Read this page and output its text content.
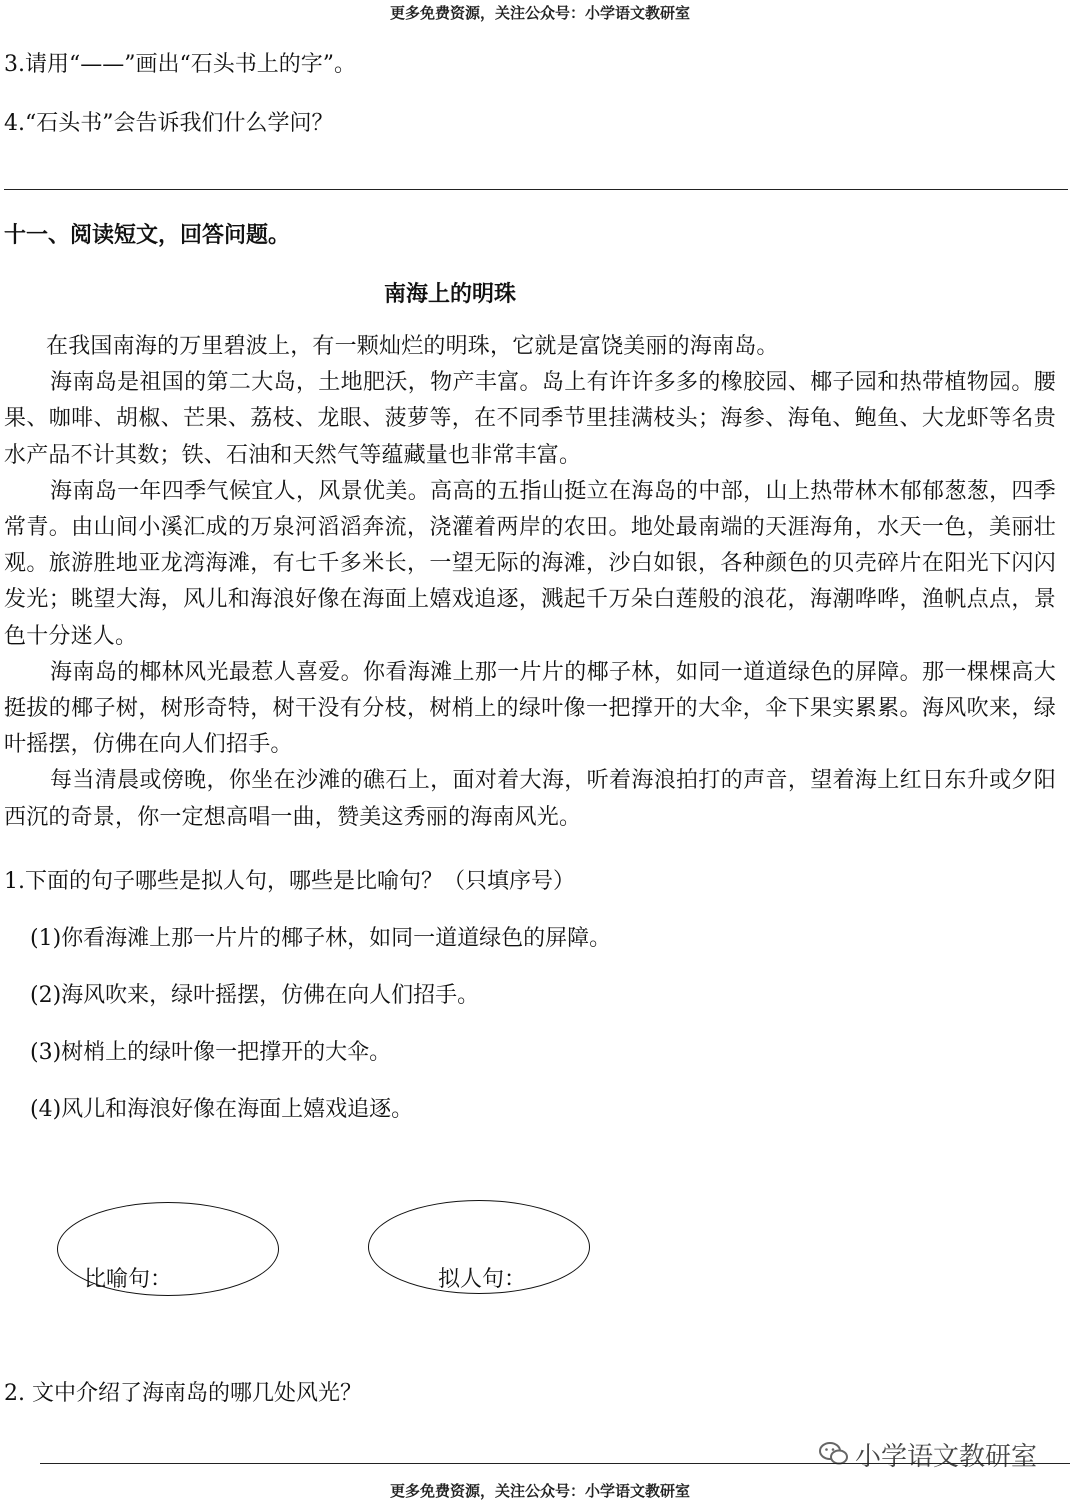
更多免费资源，关注公众号：小学语文教研室
3.请用“——”画出“石头书上的字”。
4.“石头书”会告诉我们什么学问？
十一、阅读短文，回答问题。
南海上的明珠

在我国南海的万里碧波上，有一颗灿烂的明珠，它就是富饶美丽的海南岛。

海南岛是祖国的第二大岛，土地肥沃，物产丰富。岛上有许许多多的橡胶园、椰子园和热带植物园。腰果、咖啡、胡椒、芒果、荔枝、龙眼、菠萝等，在不同季节里挂满枝头；海参、海龟、鲍鱼、大龙虾等名贵水产品不计其数；铁、石油和天然气等蕴藏量也非常丰富。

海南岛一年四季气候宜人，风景优美。高高的五指山挺立在海岛的中部，山上热带林木郁郁葱葱，四季常青。由山间小溪汇成的万泉河滔滔奔流，浇灌着两岸的农田。地处最南端的天涯海角，水天一色，美丽壮观。旅游胜地亚龙湾海滩，有七千多米长，一望无际的海滩，沙白如银，各种颜色的贝壳碎片在阳光下闪闪发光；眺望大海，风儿和海浪好像在海面上嬉戏追逐，溅起千万朵白莲般的浪花，海潮哗哗，渔帆点点，景色十分迷人。

海南岛的椰林风光最惹人喜爱。你看海滩上那一片片的椰子林，如同一道道绿色的屏障。那一棵棵高大挺拔的椰子树，树形奇特，树干没有分枝，树梢上的绿叶像一把撑开的大伞，伞下果实累累。海风吹来，绿叶摇摆，仿佛在向人们招手。

每当清晨或傍晚，你坐在沙滩的礁石上，面对着大海，听着海浪拍打的声音，望着海上红日东升或夕阳西沉的奇景，你一定想高唱一曲，赞美这秀丽的海南风光。

1.下面的句子哪些是拟人句，哪些是比喻句？（只填序号）
(1)你看海滩上那一片片的椰子林，如同一道道绿色的屏障。
(2)海风吹来，绿叶摇摆，仿佛在向人们招手。
(3)树梢上的绿叶像一把撑开的大伞。
(4)风儿和海浪好像在海面上嬉戏追逐。
比喻句：	拟人句：
2. 文中介绍了海南岛的哪几处风光？
小学语文教研室
更多免费资源，关注公众号：小学语文教研室
